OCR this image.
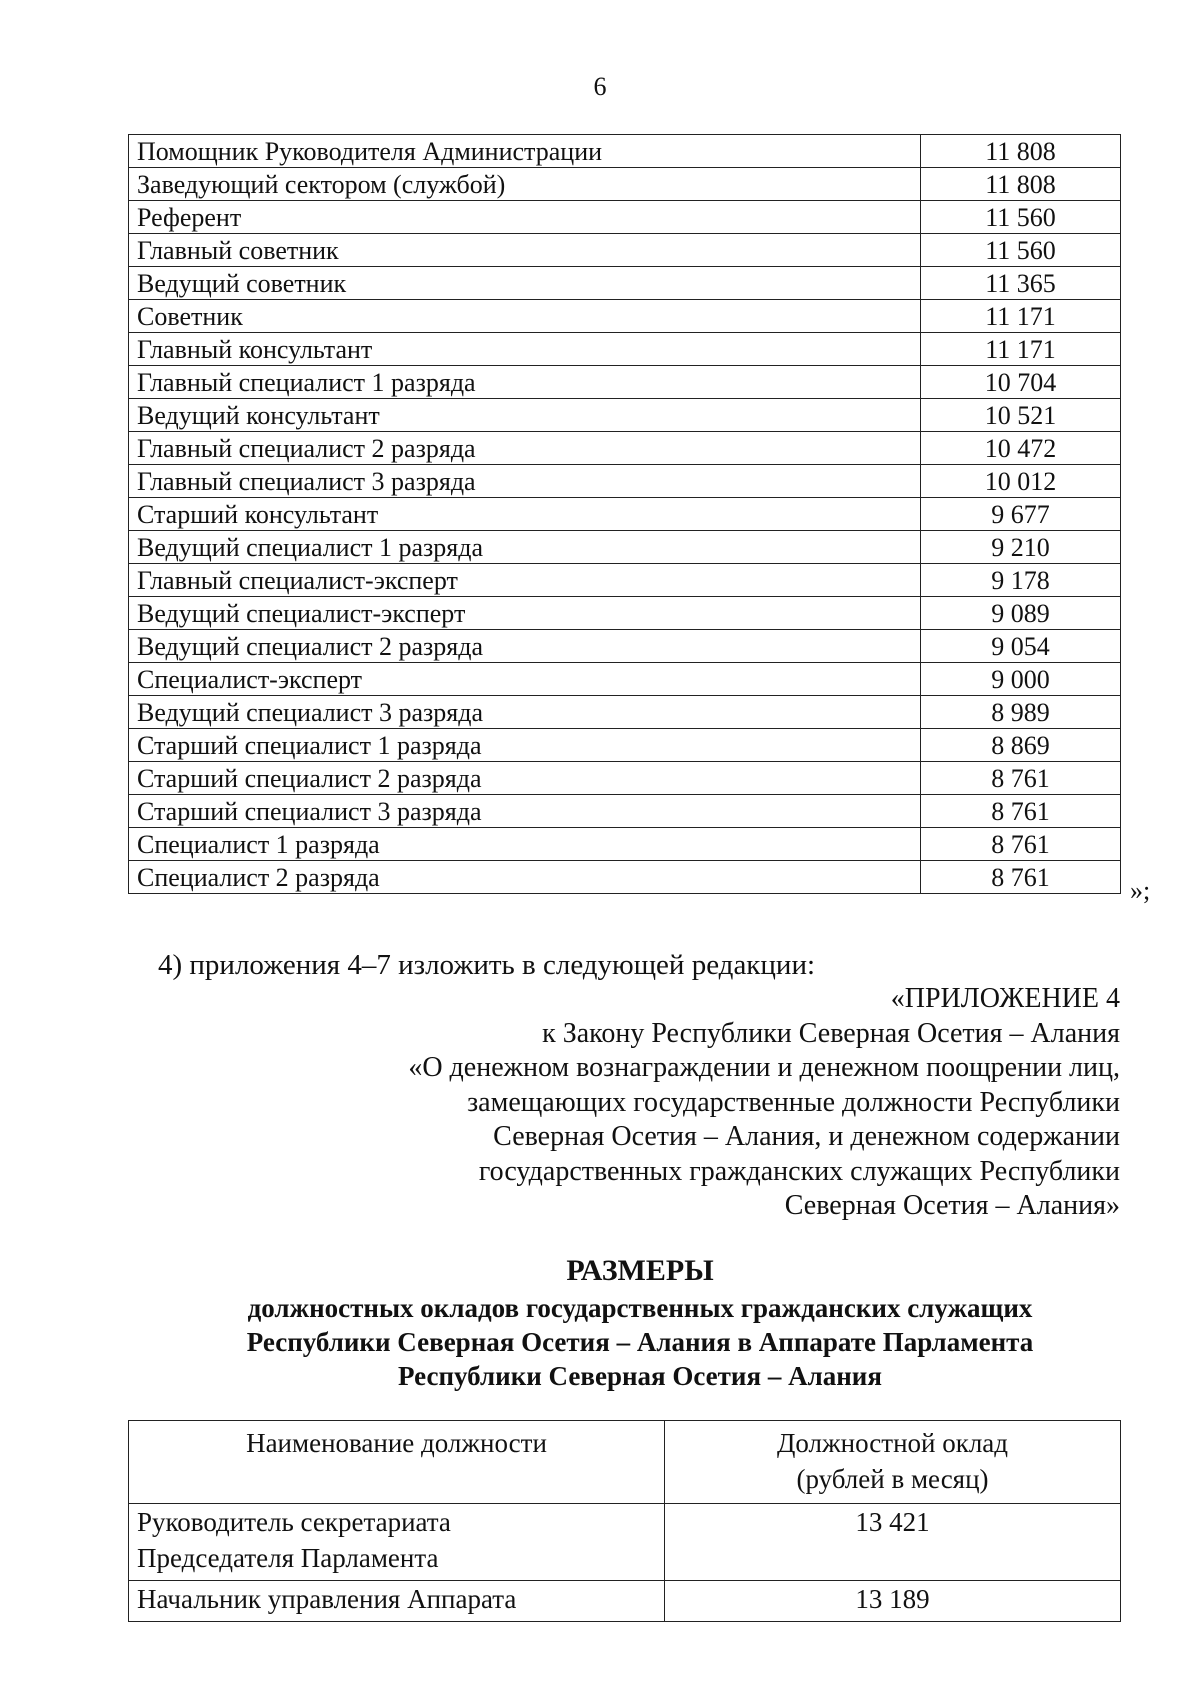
6
Помощник Руководителя Администрации	11 808
Заведующий сектором (службой)	11 808
Референт	11 560
Главный советник	11 560
Ведущий советник	11 365
Советник	11 171
Главный консультант	11 171
Главный специалист 1 разряда	10 704
Ведущий консультант	10 521
Главный специалист 2 разряда	10 472
Главный специалист 3 разряда	10 012
Старший консультант	9 677
Ведущий специалист 1 разряда	9 210
Главный специалист-эксперт	9 178
Ведущий специалист-эксперт	9 089
Ведущий специалист 2 разряда	9 054
Специалист-эксперт	9 000
Ведущий специалист 3 разряда	8 989
Старший специалист 1 разряда	8 869
Старший специалист 2 разряда	8 761
Старший специалист 3 разряда	8 761
Специалист 1 разряда	8 761
Специалист 2 разряда	8 761	»;
4) приложения 4–7 изложить в следующей редакции:
«ПРИЛОЖЕНИЕ 4
к Закону Республики Северная Осетия – Алания
«О денежном вознаграждении и денежном поощрении лиц,
замещающих государственные должности Республики
Северная Осетия – Алания, и денежном содержании
государственных гражданских служащих Республики
Северная Осетия – Алания»
РАЗМЕРЫ
должностных окладов государственных гражданских служащих
Республики Северная Осетия – Алания в Аппарате Парламента
Республики Северная Осетия – Алания
Наименование должности	Должностной оклад
(рублей в месяц)

Руководитель секретариата
Председателя Парламента	13 421
Начальник управления Аппарата	13 189
